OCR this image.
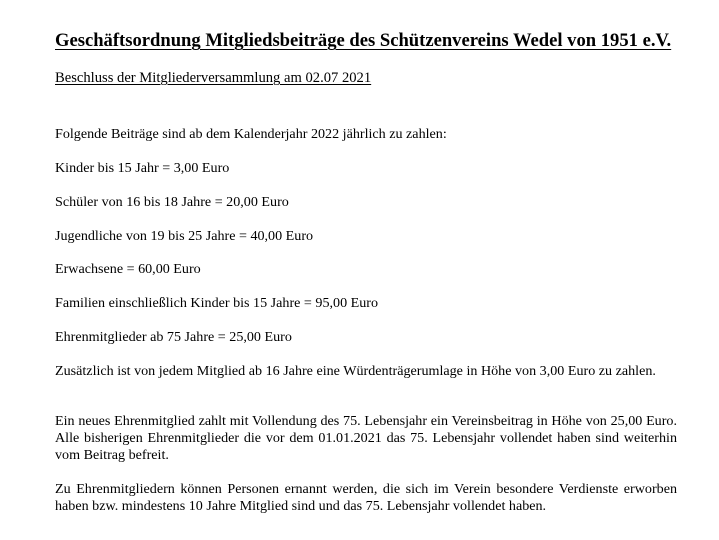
Geschäftsordnung Mitgliedsbeiträge des Schützenvereins Wedel von 1951 e.V.
Beschluss der Mitgliederversammlung am 02.07 2021
Folgende Beiträge sind ab dem Kalenderjahr 2022 jährlich zu zahlen:
Kinder bis 15 Jahr = 3,00 Euro
Schüler von 16 bis 18 Jahre = 20,00 Euro
Jugendliche von 19 bis 25 Jahre = 40,00 Euro
Erwachsene = 60,00 Euro
Familien einschließlich Kinder bis 15 Jahre = 95,00 Euro
Ehrenmitglieder ab 75 Jahre = 25,00 Euro
Zusätzlich ist von jedem Mitglied ab 16 Jahre eine Würdenträgerumlage in Höhe von 3,00 Euro zu zahlen.
Ein neues Ehrenmitglied zahlt mit Vollendung des 75. Lebensjahr ein Vereinsbeitrag in Höhe von 25,00 Euro. Alle bisherigen Ehrenmitglieder die vor dem 01.01.2021 das 75. Lebensjahr vollendet haben sind weiterhin vom Beitrag befreit.
Zu Ehrenmitgliedern können Personen ernannt werden, die sich im Verein besondere Verdienste erworben haben bzw. mindestens 10 Jahre Mitglied sind und das 75. Lebensjahr vollendet haben.
